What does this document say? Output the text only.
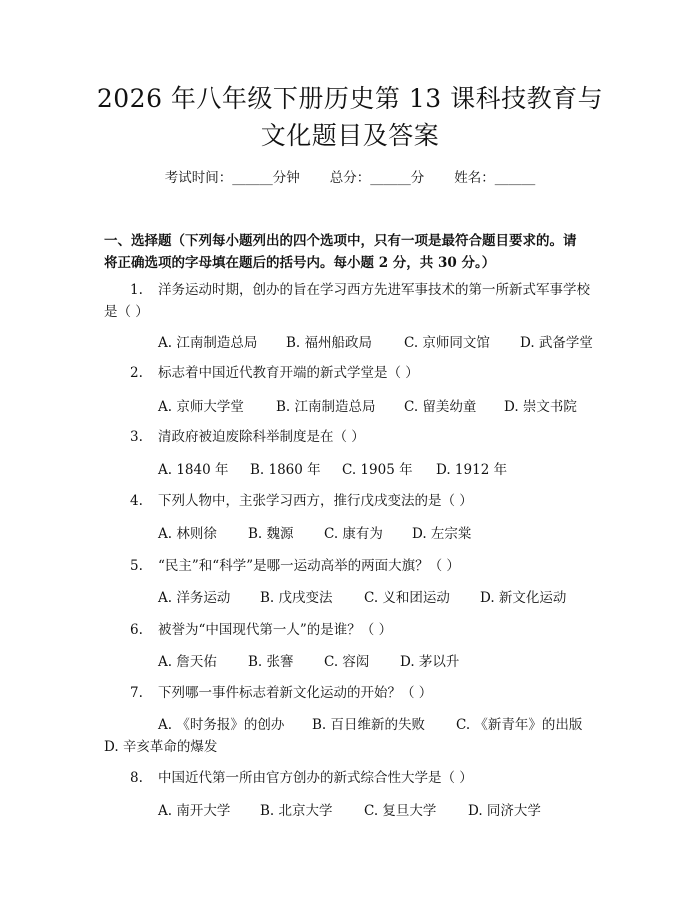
2026 年八年级下册历史第 13 课科技教育与
文化题目及答案
考试时间：______分钟 总分：______分 姓名：______
一、选择题（下列每小题列出的四个选项中，只有一项是最符合题目要求的。请
将正确选项的字母填在题后的括号内。每小题 2 分，共 30 分。）
1. 洋务运动时期，创办的旨在学习西方先进军事技术的第一所新式军事学校
是（ ）
A. 江南制造总局 B. 福州船政局 C. 京师同文馆 D. 武备学堂
2. 标志着中国近代教育开端的新式学堂是（ ）
A. 京师大学堂 B. 江南制造总局 C. 留美幼童 D. 崇文书院
3. 清政府被迫废除科举制度是在（ ）
A. 1840 年 B. 1860 年 C. 1905 年 D. 1912 年
4. 下列人物中，主张学习西方，推行戊戌变法的是（ ）
A. 林则徐 B. 魏源 C. 康有为 D. 左宗棠
5. “民主”和“科学”是哪一运动高举的两面大旗？（ ）
A. 洋务运动 B. 戊戌变法 C. 义和团运动 D. 新文化运动
6. 被誉为“中国现代第一人”的是谁？（ ）
A. 詹天佑 B. 张謇 C. 容闳 D. 茅以升
7. 下列哪一事件标志着新文化运动的开始？（ ）
A. 《时务报》的创办 B. 百日维新的失败 C. 《新青年》的出版
D. 辛亥革命的爆发
8. 中国近代第一所由官方创办的新式综合性大学是（ ）
A. 南开大学 B. 北京大学 C. 复旦大学 D. 同济大学
